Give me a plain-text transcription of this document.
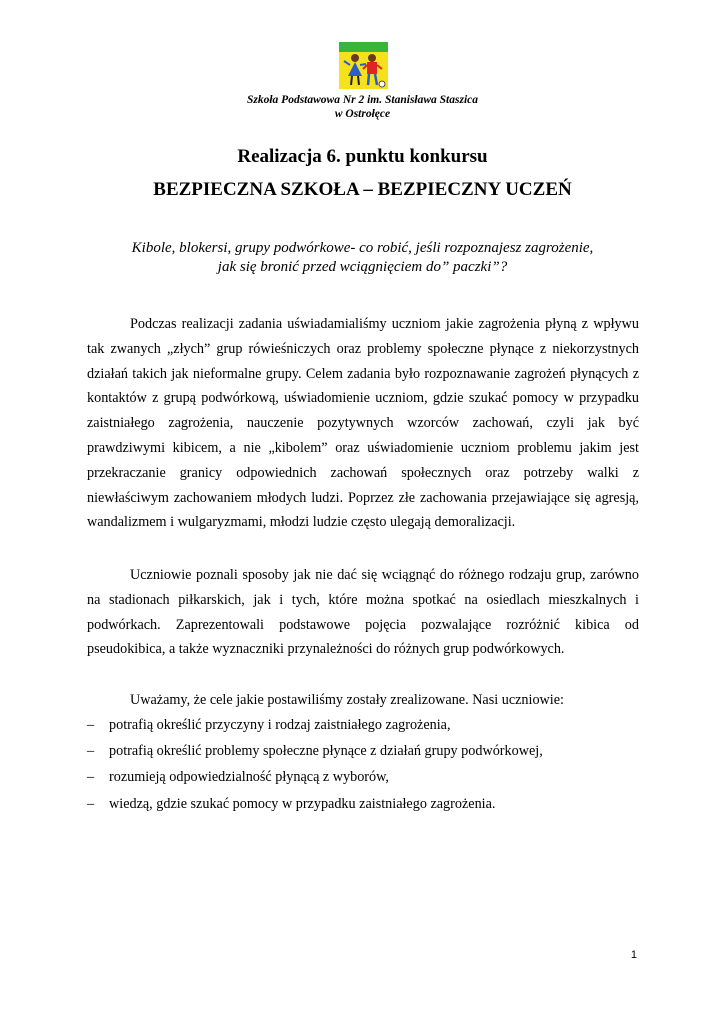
Szkoła Podstawowa Nr 2 im. Stanisława Staszica
w Ostrołęce
Realizacja 6. punktu konkursu
BEZPIECZNA SZKOŁA – BEZPIECZNY UCZEŃ
Kibole, blokersi, grupy podwórkowe- co robić, jeśli rozpoznajesz zagrożenie,
jak się bronić przed wciągnięciem do” paczki”?

Podczas realizacji zadania uświadamialiśmy uczniom jakie zagrożenia płyną z wpływu tak zwanych „złych” grup rówieśniczych oraz problemy społeczne płynące z niekorzystnych działań takich jak nieformalne grupy. Celem zadania było rozpoznawanie zagrożeń płynących z kontaktów z grupą podwórkową, uświadomienie uczniom, gdzie szukać pomocy w przypadku zaistniałego zagrożenia, nauczenie pozytywnych wzorców zachowań, czyli jak być prawdziwymi kibicem, a nie „kibolem” oraz uświadomienie uczniom problemu jakim jest przekraczanie granicy odpowiednich zachowań społecznych oraz potrzeby walki z niewłaściwym zachowaniem młodych ludzi. Poprzez złe zachowania przejawiające się agresją, wandalizmem i wulgaryzmami, młodzi ludzie często ulegają demoralizacji.

Uczniowie poznali sposoby jak nie dać się wciągnąć do różnego rodzaju grup, zarówno na stadionach piłkarskich, jak i tych, które można spotkać na osiedlach mieszkalnych i podwórkach. Zaprezentowali podstawowe pojęcia pozwalające rozróżnić kibica od pseudokibica, a także wyznaczniki przynależności do różnych grup podwórkowych.

Uważamy, że cele jakie postawiliśmy zostały zrealizowane. Nasi uczniowie:

– potrafią określić przyczyny i rodzaj zaistniałego zagrożenia,
– potrafią określić problemy społeczne płynące z działań grupy podwórkowej,
– rozumieją odpowiedzialność płynącą z wyborów,
– wiedzą, gdzie szukać pomocy w przypadku zaistniałego zagrożenia.
1
